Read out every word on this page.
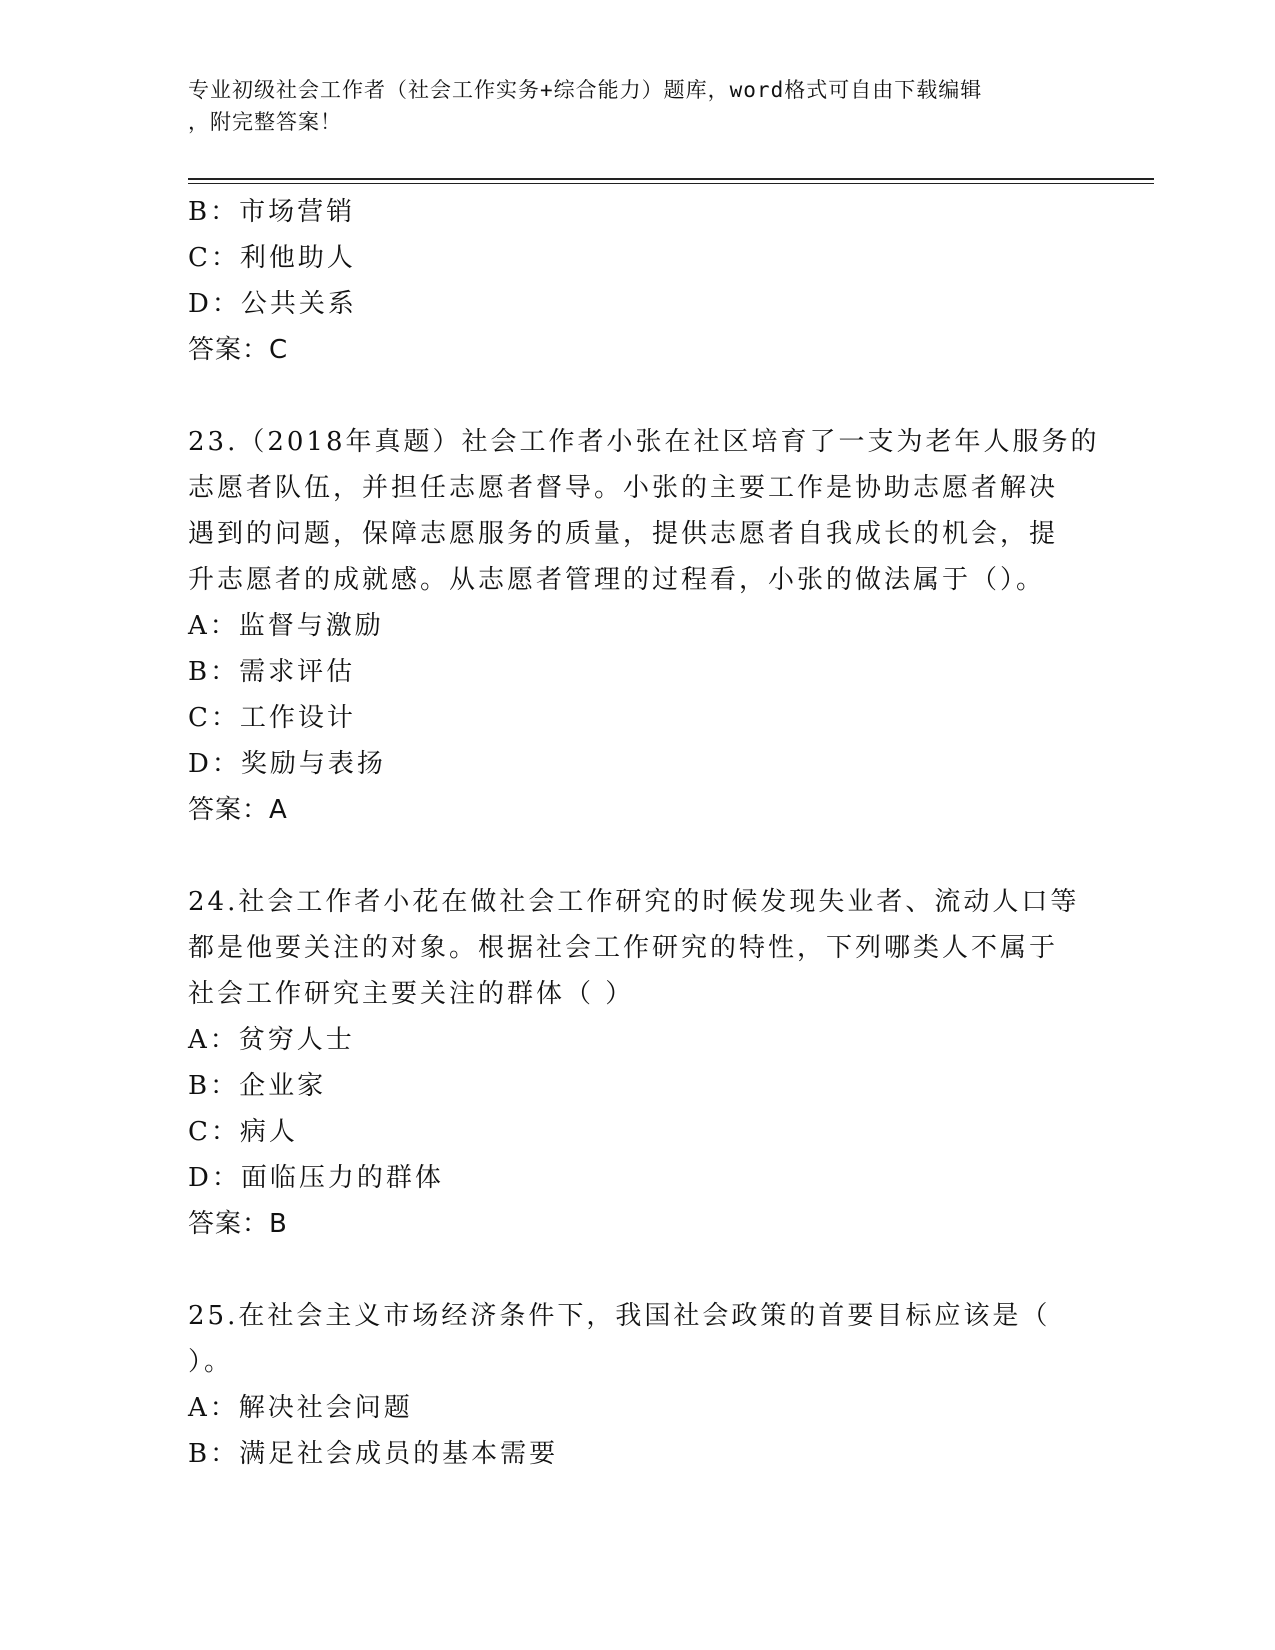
专业初级社会工作者（社会工作实务+综合能力）题库，word格式可自由下载编辑
，附完整答案！

B：市场营销

C：利他助人

D：公共关系

答案：C

23.（2018年真题）社会工作者小张在社区培育了一支为老年人服务的

志愿者队伍，并担任志愿者督导。小张的主要工作是协助志愿者解决

遇到的问题，保障志愿服务的质量，提供志愿者自我成长的机会，提

升志愿者的成就感。从志愿者管理的过程看，小张的做法属于（）。

A：监督与激励

B：需求评估

C：工作设计

D：奖励与表扬

答案：A

24.社会工作者小花在做社会工作研究的时候发现失业者、流动人口等

都是他要关注的对象。根据社会工作研究的特性，下列哪类人不属于

社会工作研究主要关注的群体（ ）

A：贫穷人士

B：企业家

C：病人

D：面临压力的群体

答案：B

25.在社会主义市场经济条件下，我国社会政策的首要目标应该是（

）。

A：解决社会问题

B：满足社会成员的基本需要
